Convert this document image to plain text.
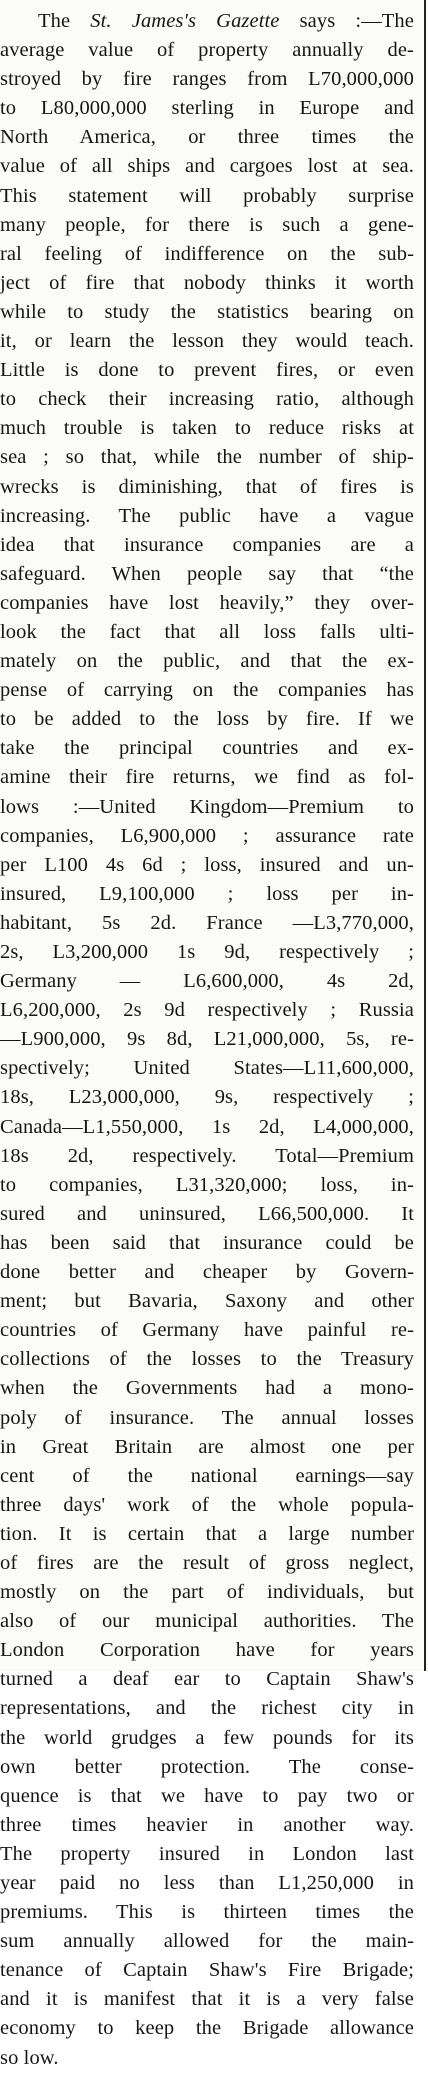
The St. James's Gazette says :—The
average value of property annually de-
stroyed by fire ranges from L70,000,000
to L80,000,000 sterling in Europe and
North America, or three times the
value of all ships and cargoes lost at sea.
This statement will probably surprise
many people, for there is such a gene-
ral feeling of indifference on the sub-
ject of fire that nobody thinks it worth
while to study the statistics bearing on
it, or learn the lesson they would teach.
Little is done to prevent fires, or even
to check their increasing ratio, although
much trouble is taken to reduce risks at
sea ; so that, while the number of ship-
wrecks is diminishing, that of fires is
increasing. The public have a vague
idea that insurance companies are a
safeguard. When people say that “the
companies have lost heavily,” they over-
look the fact that all loss falls ulti-
mately on the public, and that the ex-
pense of carrying on the companies has
to be added to the loss by fire. If we
take the principal countries and ex-
amine their fire returns, we find as fol-
lows :—United Kingdom—Premium to
companies, L6,900,000 ; assurance rate
per L100 4s 6d ; loss, insured and un-
insured, L9,100,000 ; loss per in-
habitant, 5s 2d. France —L3,770,000,
2s, L3,200,000 1s 9d, respectively ;
Germany — L6,600,000, 4s 2d,
L6,200,000, 2s 9d respectively ; Russia
—L900,000, 9s 8d, L21,000,000, 5s, re-
spectively; United States—L11,600,000,
18s, L23,000,000, 9s, respectively ;
Canada—L1,550,000, 1s 2d, L4,000,000,
18s 2d, respectively. Total—Premium
to companies, L31,320,000; loss, in-
sured and uninsured, L66,500,000. It
has been said that insurance could be
done better and cheaper by Govern-
ment; but Bavaria, Saxony and other
countries of Germany have painful re-
collections of the losses to the Treasury
when the Governments had a mono-
poly of insurance. The annual losses
in Great Britain are almost one per
cent of the national earnings—say
three days' work of the whole popula-
tion. It is certain that a large number
of fires are the result of gross neglect,
mostly on the part of individuals, but
also of our municipal authorities. The
London Corporation have for years
turned a deaf ear to Captain Shaw's
representations, and the richest city in
the world grudges a few pounds for its
own better protection. The conse-
quence is that we have to pay two or
three times heavier in another way.
The property insured in London last
year paid no less than L1,250,000 in
premiums. This is thirteen times the
sum annually allowed for the main-
tenance of Captain Shaw's Fire Brigade;
and it is manifest that it is a very false
economy to keep the Brigade allowance
so low.
